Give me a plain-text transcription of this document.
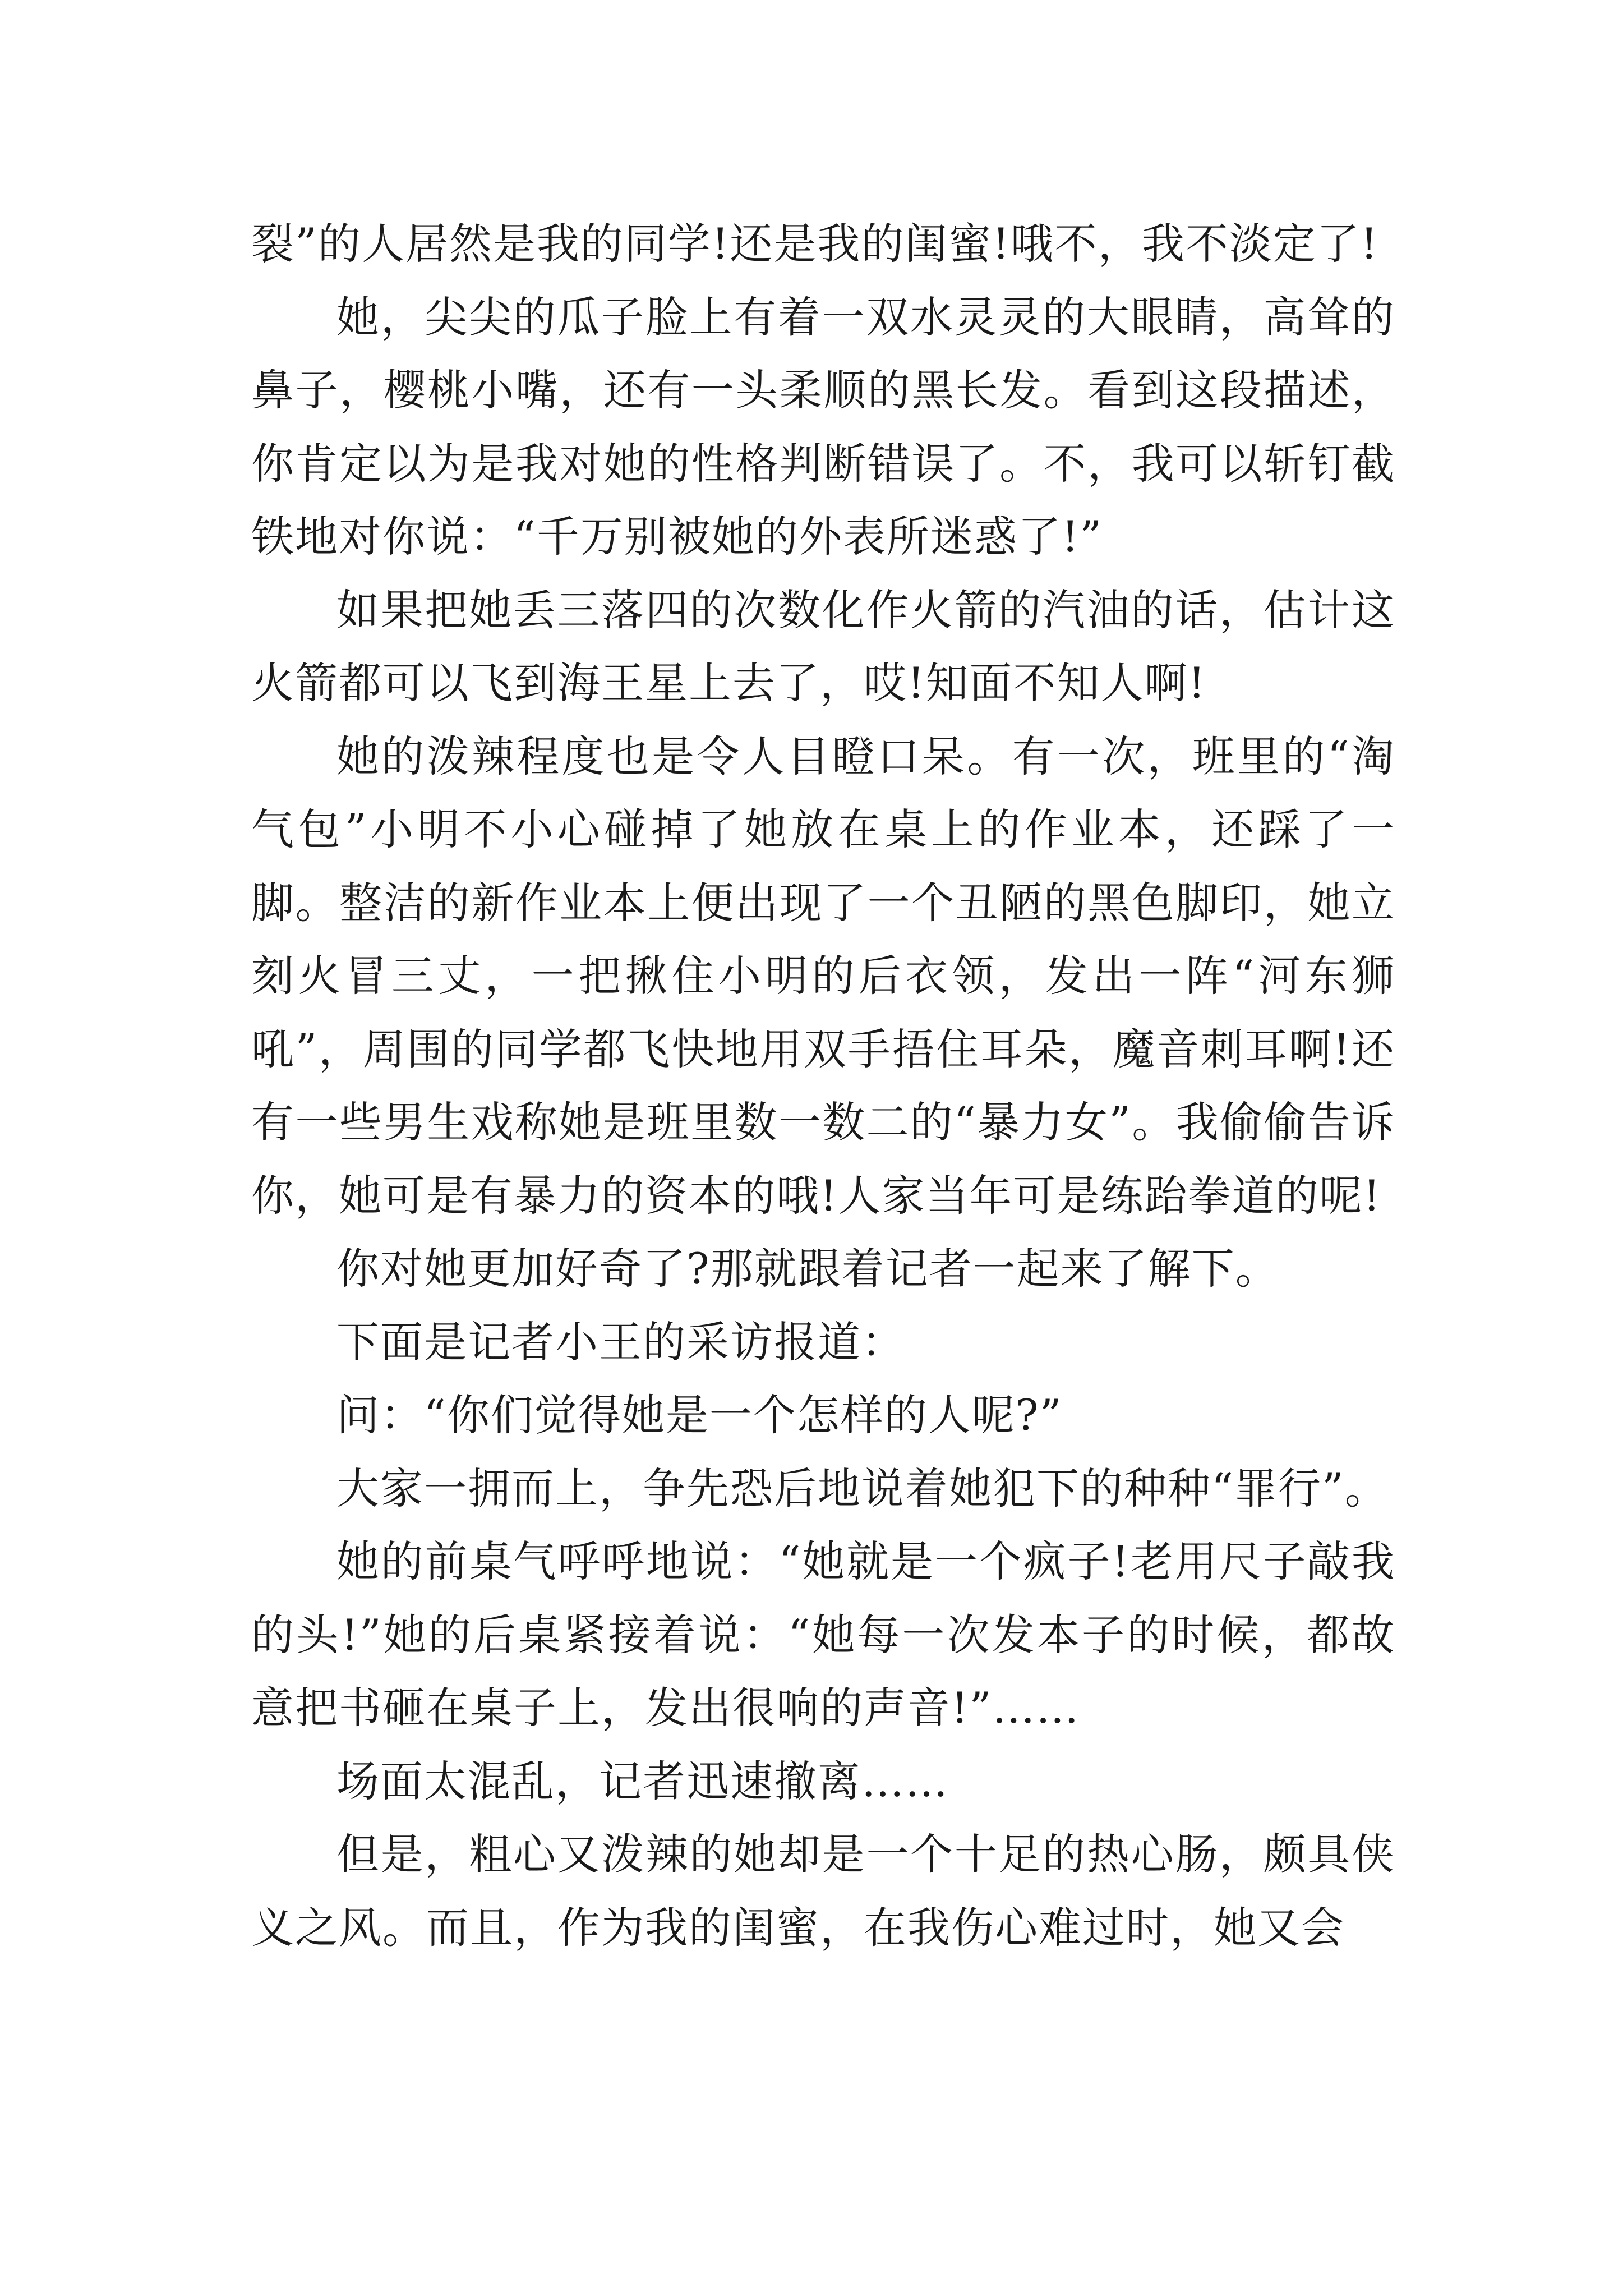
裂”的人居然是我的同学!还是我的闺蜜!哦不，我不淡定了!

她，尖尖的瓜子脸上有着一双水灵灵的大眼睛，高耸的鼻子，樱桃小嘴，还有一头柔顺的黑长发。看到这段描述，你肯定以为是我对她的性格判断错误了。不，我可以斩钉截铁地对你说：“千万别被她的外表所迷惑了!”

如果把她丢三落四的次数化作火箭的汽油的话，估计这火箭都可以飞到海王星上去了，哎!知面不知人啊!

她的泼辣程度也是令人目瞪口呆。有一次，班里的“淘气包”小明不小心碰掉了她放在桌上的作业本，还踩了一脚。整洁的新作业本上便出现了一个丑陋的黑色脚印，她立刻火冒三丈，一把揪住小明的后衣领，发出一阵“河东狮吼”，周围的同学都飞快地用双手捂住耳朵，魔音刺耳啊!还有一些男生戏称她是班里数一数二的“暴力女”。我偷偷告诉你，她可是有暴力的资本的哦!人家当年可是练跆拳道的呢!

你对她更加好奇了?那就跟着记者一起来了解下。

下面是记者小王的采访报道：

问：“你们觉得她是一个怎样的人呢?”

大家一拥而上，争先恐后地说着她犯下的种种“罪行”。

她的前桌气呼呼地说：“她就是一个疯子!老用尺子敲我的头!”她的后桌紧接着说：“她每一次发本子的时候，都故意把书砸在桌子上，发出很响的声音!”……

场面太混乱，记者迅速撤离……

但是，粗心又泼辣的她却是一个十足的热心肠，颇具侠义之风。而且，作为我的闺蜜，在我伤心难过时，她又会
